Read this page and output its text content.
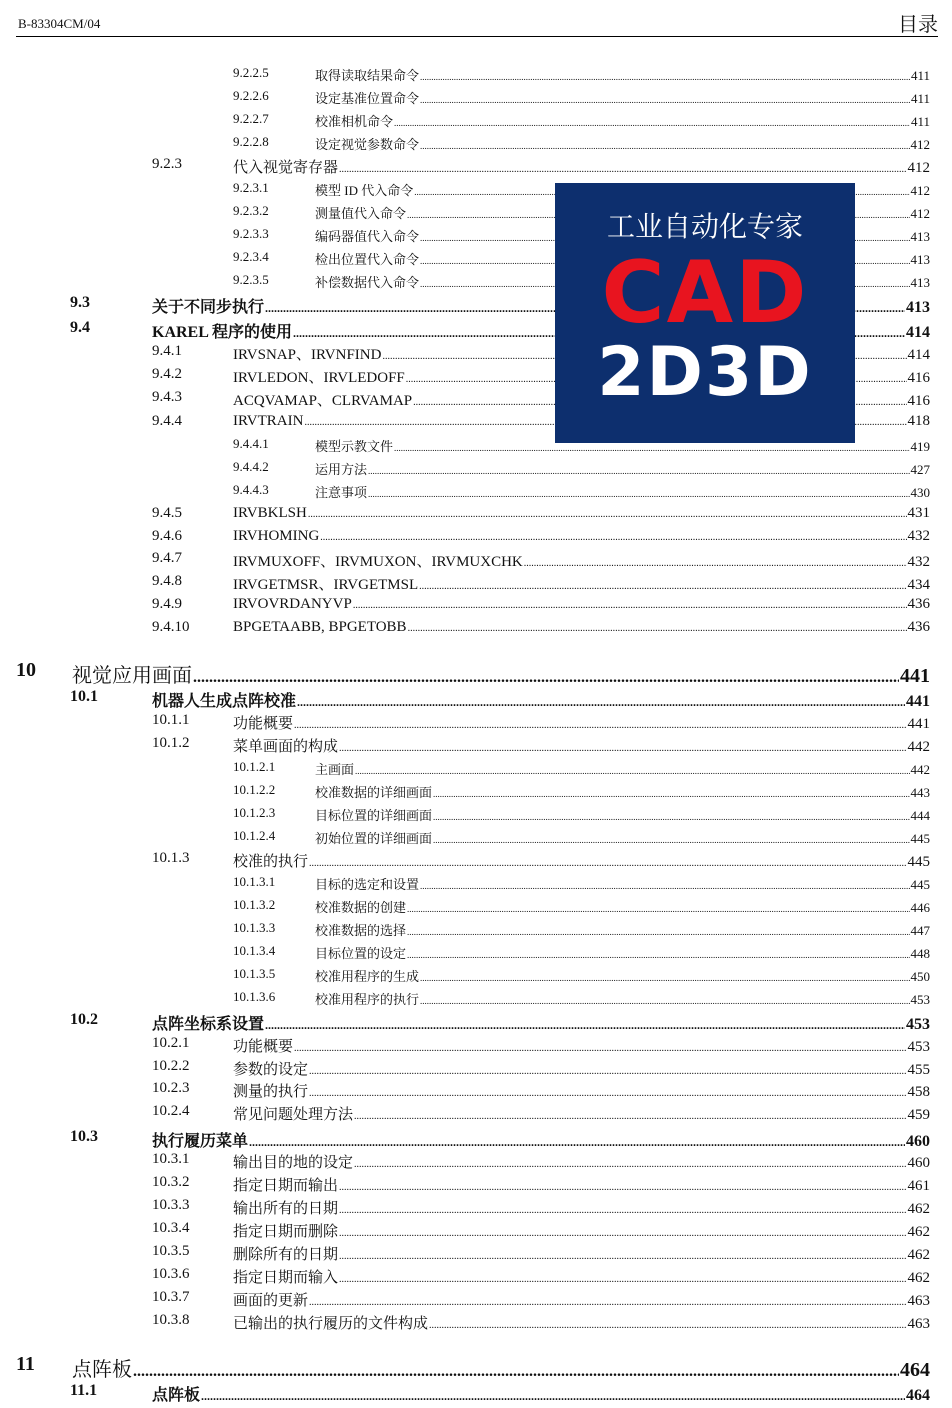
B-83304CM/04	目录
9.2.2.5	取得读取结果命令 .....	411
9.2.2.6	设定基准位置命令 .....	411
9.2.2.7	校准相机命令 .....	411
9.2.2.8	设定视觉参数命令 .....	412
9.2.3	代入视觉寄存器 .....	412
9.2.3.1	模型 ID 代入命令 .....	412
9.2.3.2	测量值代入命令 .....	412
9.2.3.3	编码器值代入命令 .....	413
9.2.3.4	检出位置代入命令 .....	413
9.2.3.5	补偿数据代入命令 .....	413
9.3	关于不同步执行 .....	413
9.4	KAREL 程序的使用 .....	414
9.4.1	IRVSNAP、IRVNFIND .....	414
9.4.2	IRVLEDON、IRVLEDOFF .....	416
9.4.3	ACQVAMAP、CLRVAMAP .....	416
9.4.4	IRVTRAIN .....	418
9.4.4.1	模型示教文件 .....	419
9.4.4.2	运用方法 .....	427
9.4.4.3	注意事项 .....	430
9.4.5	IRVBKLSH .....	431
9.4.6	IRVHOMING .....	432
9.4.7	IRVMUXOFF、IRVMUXON、IRVMUXCHK .....	432
9.4.8	IRVGETMSR、IRVGETMSL .....	434
9.4.9	IRVOVRDANYVP .....	436
9.4.10	BPGETAABB, BPGETOBB .....	436
10 视觉应用画面 .....	441
10.1	机器人生成点阵校准 .....	441
10.1.1	功能概要 .....	441
10.1.2	菜单画面的构成 .....	442
10.1.2.1	主画面 .....	442
10.1.2.2	校准数据的详细画面 .....	443
10.1.2.3	目标位置的详细画面 .....	444
10.1.2.4	初始位置的详细画面 .....	445
10.1.3	校准的执行 .....	445
10.1.3.1	目标的选定和设置 .....	445
10.1.3.2	校准数据的创建 .....	446
10.1.3.3	校准数据的选择 .....	447
10.1.3.4	目标位置的设定 .....	448
10.1.3.5	校准用程序的生成 .....	450
10.1.3.6	校准用程序的执行 .....	453
10.2	点阵坐标系设置 .....	453
10.2.1	功能概要 .....	453
10.2.2	参数的设定 .....	455
10.2.3	测量的执行 .....	458
10.2.4	常见问题处理方法 .....	459
10.3	执行履历菜单 .....	460
10.3.1	输出目的地的设定 .....	460
10.3.2	指定日期而输出 .....	461
10.3.3	输出所有的日期 .....	462
10.3.4	指定日期而删除 .....	462
10.3.5	删除所有的日期 .....	462
10.3.6	指定日期而输入 .....	462
10.3.7	画面的更新 .....	463
10.3.8	已输出的执行履历的文件构成 .....	463
11 点阵板 .....	464
11.1	点阵板 .....	464
工业自动化专家
CAD
2D3D
